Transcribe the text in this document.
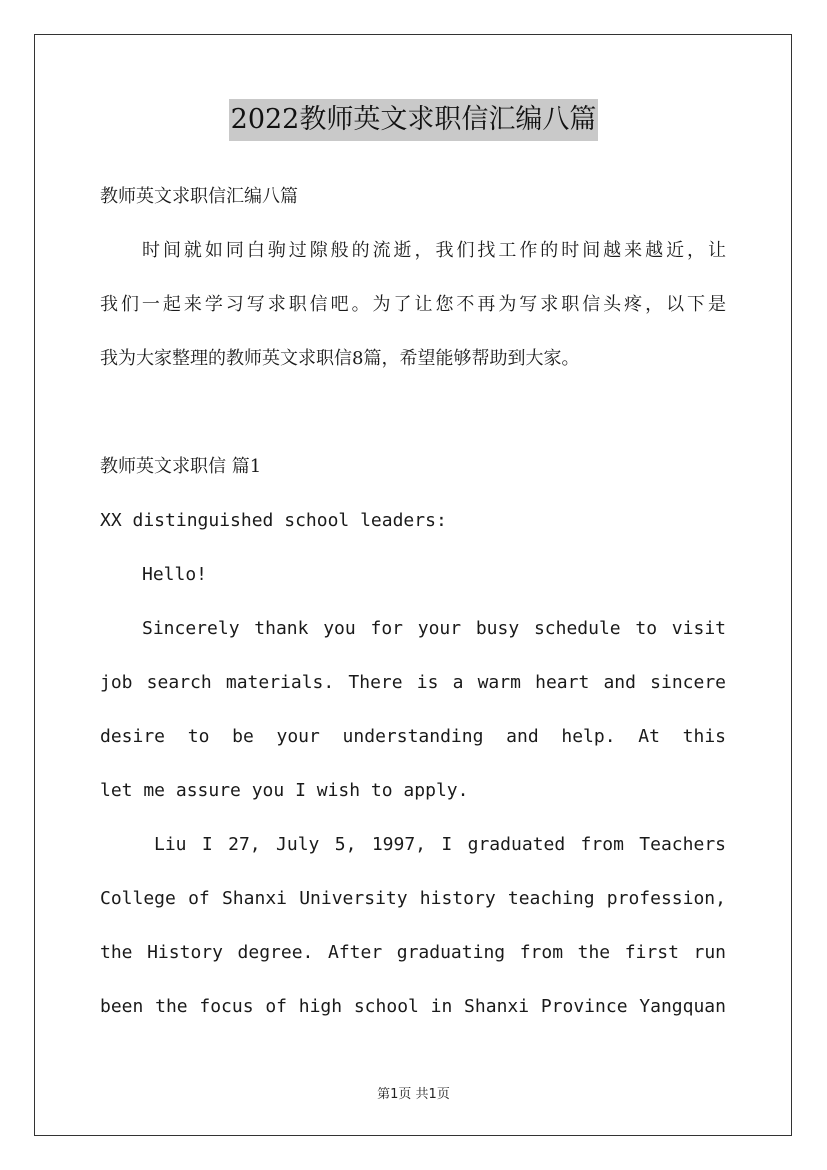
2022教师英文求职信汇编八篇
教师英文求职信汇编八篇
时间就如同白驹过隙般的流逝，我们找工作的时间越来越近，让
我们一起来学习写求职信吧。为了让您不再为写求职信头疼，以下是
我为大家整理的教师英文求职信8篇，希望能够帮助到大家。
教师英文求职信 篇1
XX distinguished school leaders:
Hello!
Sincerely thank you for your busy schedule to visit
job search materials. There is a warm heart and sincere
desire to be your understanding and help. At this
let me assure you I wish to apply.
Liu I 27, July 5, 1997, I graduated from Teachers
College of Shanxi University history teaching profession,
the History degree. After graduating from the first run
been the focus of high school in Shanxi Province Yangquan
第1页 共1页
